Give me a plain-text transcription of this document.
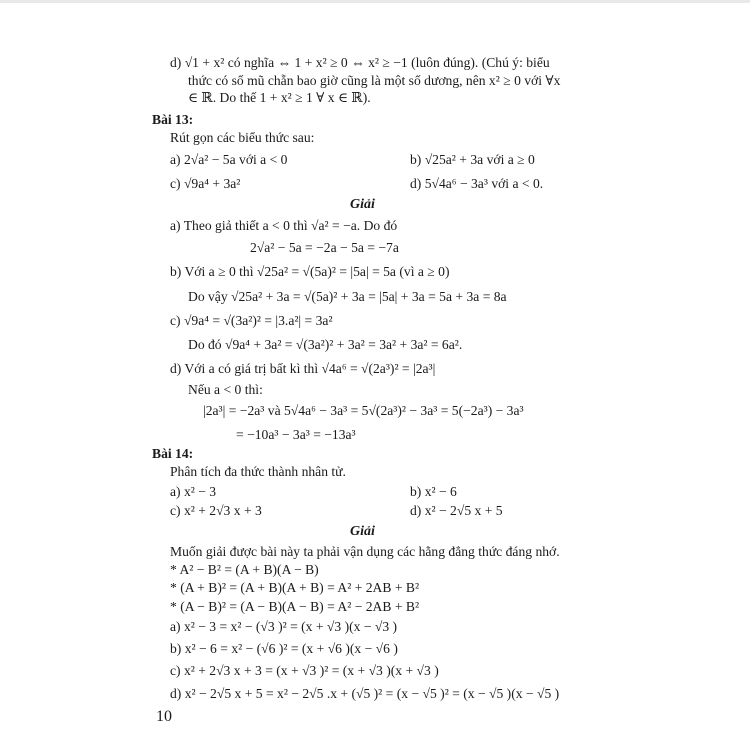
d) √1 + x² có nghĩa ⇔ 1 + x² ≥ 0 ⇔ x² ≥ −1 (luôn đúng). (Chú ý: biểu
thức có số mũ chẵn bao giờ cũng là một số dương, nên x² ≥ 0 với ∀x
∈ ℝ. Do thế 1 + x² ≥ 1 ∀ x ∈ ℝ).
Bài 13:
Rút gọn các biểu thức sau:
a) 2√a² − 5a với a < 0	b) √25a² + 3a với a ≥ 0
c) √9a⁴ + 3a²	d) 5√4a⁶ − 3a³ với a < 0.
Giải
a) Theo giả thiết a < 0 thì √a² = −a. Do đó
2√a² − 5a = −2a − 5a = −7a
b) Với a ≥ 0 thì √25a² = √(5a)² = |5a| = 5a (vì a ≥ 0)
Do vậy √25a² + 3a = √(5a)² + 3a = |5a| + 3a = 5a + 3a = 8a
c) √9a⁴ = √(3a²)² = |3.a²| = 3a²
Do đó √9a⁴ + 3a² = √(3a²)² + 3a² = 3a² + 3a² = 6a².
d) Với a có giá trị bất kì thì √4a⁶ = √(2a³)² = |2a³|
Nếu a < 0 thì:
|2a³| = −2a³ và 5√4a⁶ − 3a³ = 5√(2a³)² − 3a³ = 5(−2a³) − 3a³
= −10a³ − 3a³ = −13a³
Bài 14:
Phân tích đa thức thành nhân tử.
a) x² − 3	b) x² − 6
c) x² + 2√3 x + 3	d) x² − 2√5 x + 5
Giải
Muốn giải được bài này ta phải vận dụng các hằng đẳng thức đáng nhớ.
* A² − B² = (A + B)(A − B)
* (A + B)² = (A + B)(A + B) = A² + 2AB + B²
* (A − B)² = (A − B)(A − B) = A² − 2AB + B²
a) x² − 3 = x² − (√3 )² = (x + √3 )(x − √3 )
b) x² − 6 = x² − (√6 )² = (x + √6 )(x − √6 )
c) x² + 2√3 x + 3 = (x + √3 )² = (x + √3 )(x + √3 )
d) x² − 2√5 x + 5 = x² − 2√5 .x + (√5 )² = (x − √5 )² = (x − √5 )(x − √5 )
10
